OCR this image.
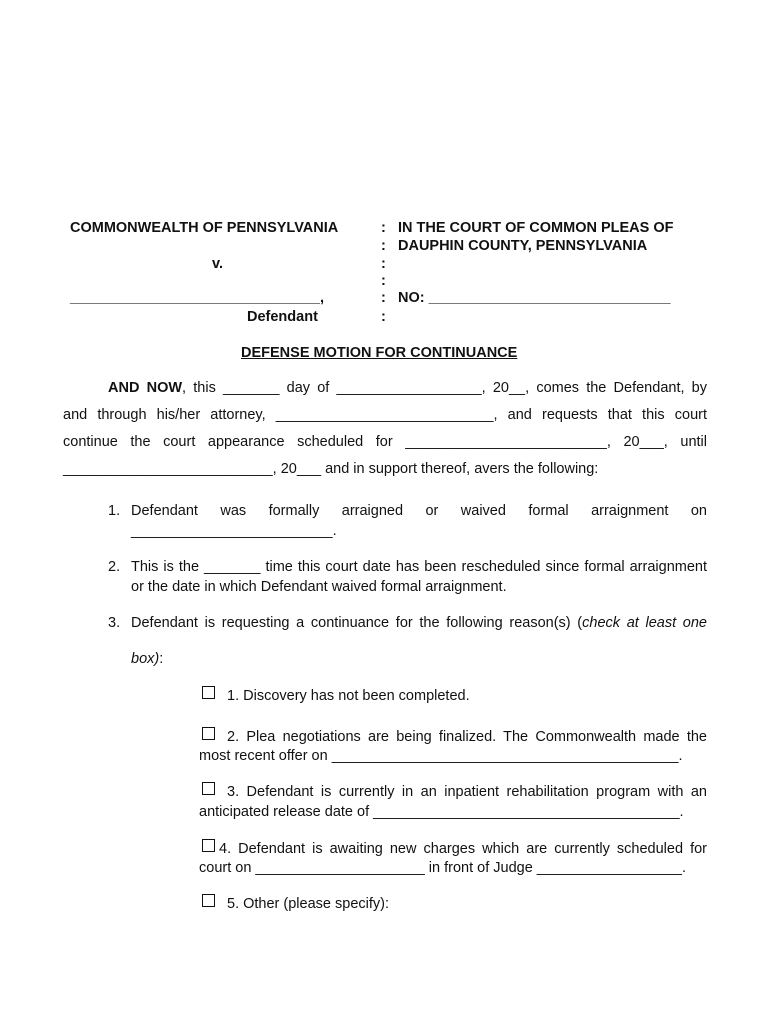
COMMONWEALTH OF PENNSYLVANIA
v.
_______________________________,
Defendant
:
:
:
:
:
:
IN THE COURT OF COMMON PLEAS OF
DAUPHIN COUNTY, PENNSYLVANIA
NO: ______________________________
DEFENSE MOTION FOR CONTINUANCE
AND NOW, this _______ day of __________________, 20__, comes the Defendant, by
and through his/her attorney, ___________________________, and requests that this court
continue the court appearance scheduled for _________________________, 20___, until
__________________________, 20___ and in support thereof, avers the following:
1. Defendant was formally arraigned or waived formal arraignment on
_________________________.
2. This is the _______ time this court date has been rescheduled since formal arraignment
or the date in which Defendant waived formal arraignment.
3. Defendant is requesting a continuance for the following reason(s) (check at least one
box):
1. Discovery has not been completed.
2. Plea negotiations are being finalized. The Commonwealth made the
most recent offer on ___________________________________________.
3. Defendant is currently in an inpatient rehabilitation program with an
anticipated release date of ______________________________________.
4. Defendant is awaiting new charges which are currently scheduled for
court on _____________________ in front of Judge __________________.
5. Other (please specify):
